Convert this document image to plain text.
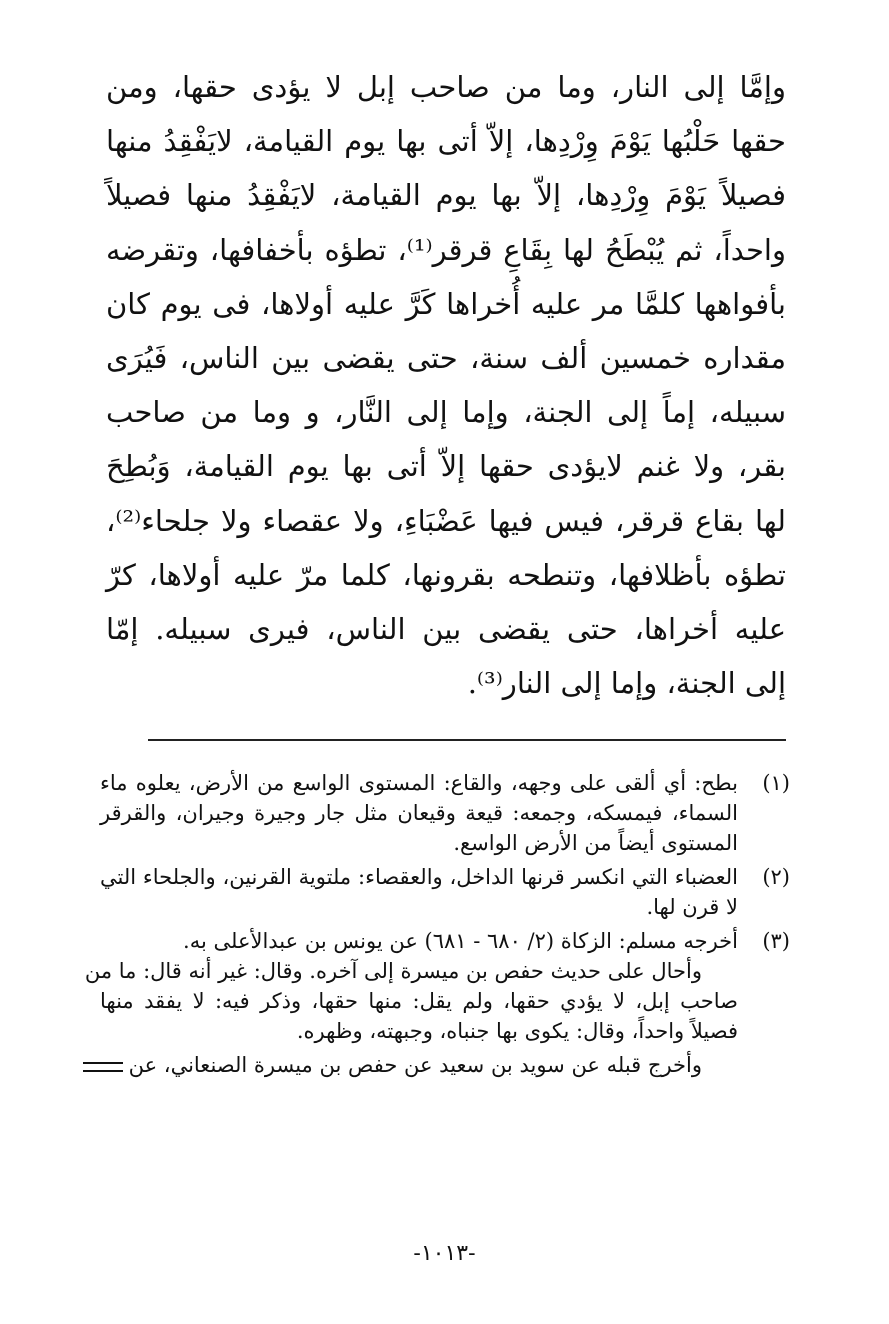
وإمَّا إلى النار، وما من صاحب إبل لا يؤدى حقها، ومن
حقها حَلْبُها يَوْمَ وِرْدِها، إلاّ أتى بها يوم القيامة، لايَفْقِدُ منها
فصيلاً يَوْمَ وِرْدِها، إلاّ بها يوم القيامة، لايَفْقِدُ منها فصيلاً
واحداً، ثم يُبْطَحُ لها بِقَاعِ قرقر⁽¹⁾، تطؤه بأخفافها، وتقرضه
بأفواهها كلمَّا مر عليه أُخراها كَرَّ عليه أولاها، فى يوم كان
مقداره خمسين ألف سنة، حتى يقضى بين الناس، فَيُرَى
سبيله، إماً إلى الجنة، وإما إلى النَّار، و وما من صاحب
بقر، ولا غنم لايؤدى حقها إلاّ أتى بها يوم القيامة، وَبُطِحَ
لها بقاع قرقر، فيس فيها عَضْبَاءِ، ولا عقصاء ولا جلحاء⁽²⁾،
تطؤه بأظلافها، وتنطحه بقرونها، كلما مرّ عليه أولاها، كرّ
عليه أخراها، حتى يقضى بين الناس، فيرى سبيله. إمّا
إلى الجنة، وإما إلى النار⁽³⁾.
(١)
بطح: أي ألقى على وجهه، والقاع: المستوى الواسع من الأرض، يعلوه ماء
السماء، فيمسكه، وجمعه: قيعة وقيعان مثل جار وجيرة وجيران، والقرقر
المستوى أيضاً من الأرض الواسع.
(٢)
العضباء التي انكسر قرنها الداخل، والعقصاء: ملتوية القرنين، والجلحاء التي
لا قرن لها.
(٣)
أخرجه مسلم: الزكاة (٢/ ٦٨٠ - ٦٨١) عن يونس بن عبدالأعلى به.
وأحال على حديث حفص بن ميسرة إلى آخره. وقال: غير أنه قال: ما من
صاحب إبل، لا يؤدي حقها، ولم يقل: منها حقها، وذكر فيه: لا يفقد منها
فصيلاً واحداً، وقال: يكوى بها جنباه، وجبهته، وظهره.
وأخرج قبله عن سويد بن سعيد عن حفص بن ميسرة الصنعاني، عن
-١٠١٣-
